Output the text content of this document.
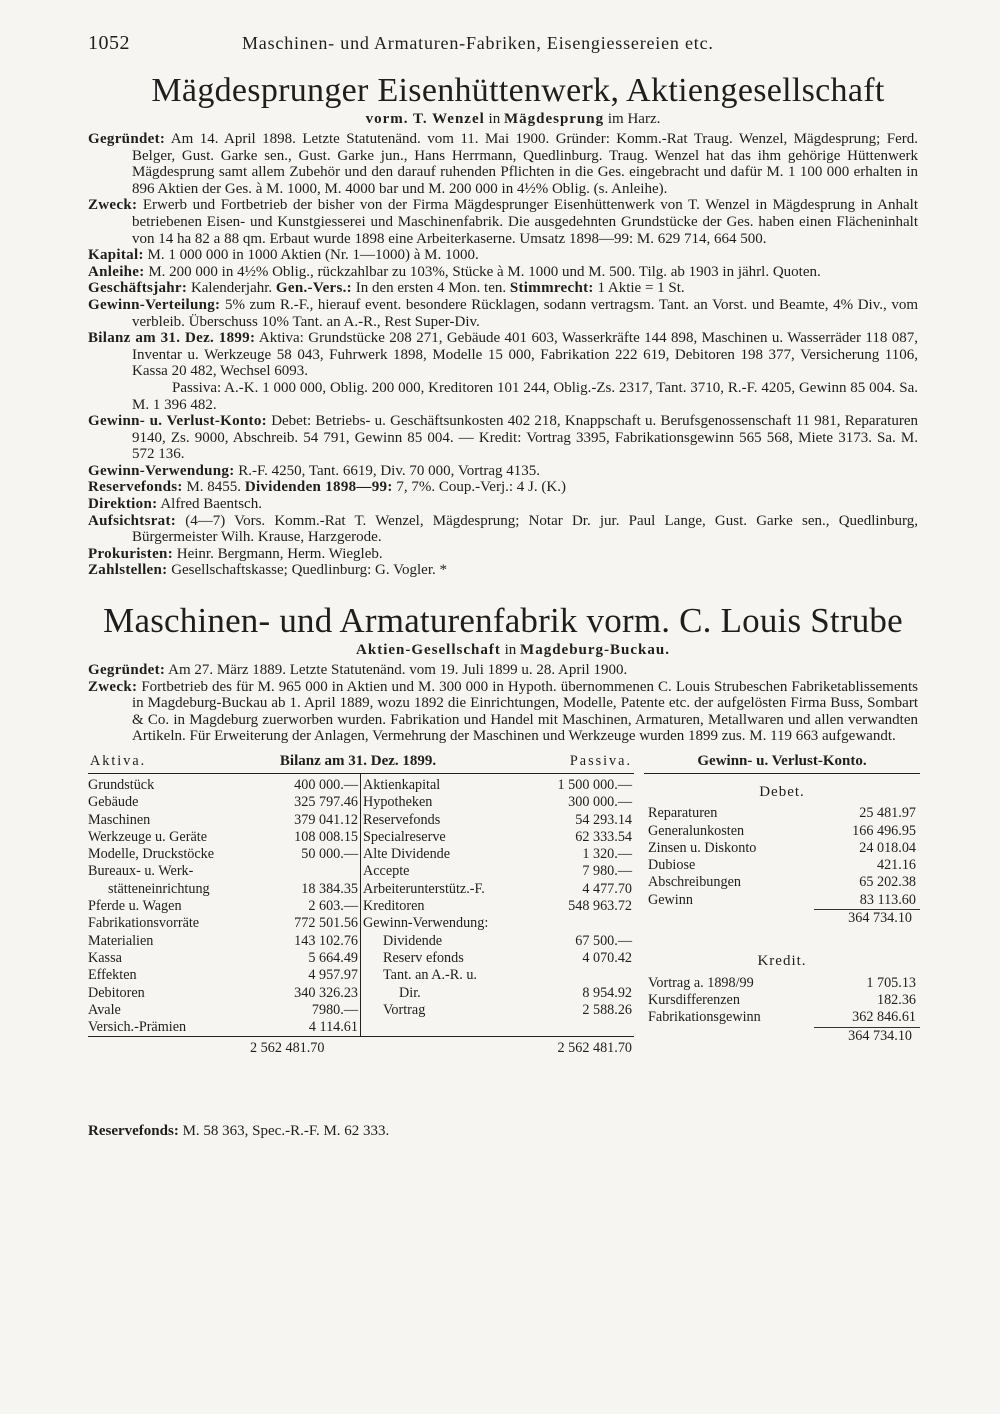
1052	Maschinen- und Armaturen-Fabriken, Eisengiessereien etc.
Mägdesprunger Eisenhüttenwerk, Aktiengesellschaft
vorm. T. Wenzel in Mägdesprung im Harz.

Gegründet: Am 14. April 1898. Letzte Statutenänd. vom 11. Mai 1900. Gründer: Komm.-Rat Traug. Wenzel, Mägdesprung; Ferd. Belger, Gust. Garke sen., Gust. Garke jun., Hans Herrmann, Quedlinburg. Traug. Wenzel hat das ihm gehörige Hüttenwerk Mägdesprung samt allem Zubehör und den darauf ruhenden Pflichten in die Ges. eingebracht und dafür M. 1 100 000 erhalten in 896 Aktien der Ges. à M. 1000, M. 4000 bar und M. 200 000 in 4½% Oblig. (s. Anleihe).

Zweck: Erwerb und Fortbetrieb der bisher von der Firma Mägdesprunger Eisenhüttenwerk von T. Wenzel in Mägdesprung in Anhalt betriebenen Eisen- und Kunstgiesserei und Maschinenfabrik. Die ausgedehnten Grundstücke der Ges. haben einen Flächeninhalt von 14 ha 82 a 88 qm. Erbaut wurde 1898 eine Arbeiterkaserne. Umsatz 1898—99: M. 629 714, 664 500.

Kapital: M. 1 000 000 in 1000 Aktien (Nr. 1—1000) à M. 1000.

Anleihe: M. 200 000 in 4½% Oblig., rückzahlbar zu 103%, Stücke à M. 1000 und M. 500. Tilg. ab 1903 in jährl. Quoten.

Geschäftsjahr: Kalenderjahr. Gen.-Vers.: In den ersten 4 Mon. ten. Stimmrecht: 1 Aktie = 1 St.

Gewinn-Verteilung: 5% zum R.-F., hierauf event. besondere Rücklagen, sodann vertragsm. Tant. an Vorst. und Beamte, 4% Div., vom verbleib. Überschuss 10% Tant. an A.-R., Rest Super-Div.

Bilanz am 31. Dez. 1899: Aktiva: Grundstücke 208 271, Gebäude 401 603, Wasserkräfte 144 898, Maschinen u. Wasserräder 118 087, Inventar u. Werkzeuge 58 043, Fuhrwerk 1898, Modelle 15 000, Fabrikation 222 619, Debitoren 198 377, Versicherung 1106, Kassa 20 482, Wechsel 6093.

Passiva: A.-K. 1 000 000, Oblig. 200 000, Kreditoren 101 244, Oblig.-Zs. 2317, Tant. 3710, R.-F. 4205, Gewinn 85 004. Sa. M. 1 396 482.

Gewinn- u. Verlust-Konto: Debet: Betriebs- u. Geschäftsunkosten 402 218, Knappschaft u. Berufsgenossenschaft 11 981, Reparaturen 9140, Zs. 9000, Abschreib. 54 791, Gewinn 85 004. — Kredit: Vortrag 3395, Fabrikationsgewinn 565 568, Miete 3173. Sa. M. 572 136.

Gewinn-Verwendung: R.-F. 4250, Tant. 6619, Div. 70 000, Vortrag 4135.

Reservefonds: M. 8455. Dividenden 1898—99: 7, 7%. Coup.-Verj.: 4 J. (K.)

Direktion: Alfred Baentsch.

Aufsichtsrat: (4—7) Vors. Komm.-Rat T. Wenzel, Mägdesprung; Notar Dr. jur. Paul Lange, Gust. Garke sen., Quedlinburg, Bürgermeister Wilh. Krause, Harzgerode.

Prokuristen: Heinr. Bergmann, Herm. Wiegleb.

Zahlstellen: Gesellschaftskasse; Quedlinburg: G. Vogler. *

Maschinen- und Armaturenfabrik vorm. C. Louis Strube
Aktien-Gesellschaft in Magdeburg-Buckau.

Gegründet: Am 27. März 1889. Letzte Statutenänd. vom 19. Juli 1899 u. 28. April 1900.

Zweck: Fortbetrieb des für M. 965 000 in Aktien und M. 300 000 in Hypoth. übernommenen C. Louis Strubeschen Fabriketablissements in Magdeburg-Buckau ab 1. April 1889, wozu 1892 die Einrichtungen, Modelle, Patente etc. der aufgelösten Firma Buss, Sombart & Co. in Magdeburg zuerworben wurden. Fabrikation und Handel mit Maschinen, Armaturen, Metallwaren und allen verwandten Artikeln. Für Erweiterung der Anlagen, Vermehrung der Maschinen und Werkzeuge wurden 1899 zus. M. 119 663 aufgewandt.

Aktiva.	Bilanz am 31. Dez. 1899.	Passiva.
Grundstück	400 000.—
Gebäude	325 797.46
Maschinen	379 041.12
Werkzeuge u. Geräte	108 008.15
Modelle, Druckstöcke	50 000.—
Bureaux- u. Werk-
stätteneinrichtung	18 384.35
Pferde u. Wagen	2 603.—
Fabrikationsvorräte	772 501.56
Materialien	143 102.76
Kassa	5 664.49
Effekten	4 957.97
Debitoren	340 326.23
Avale	7980.—
Versich.-Prämien	4 114.61
Aktienkapital	1 500 000.—
Hypotheken	300 000.—
Reservefonds	54 293.14
Specialreserve	62 333.54
Alte Dividende	1 320.—
Accepte	7 980.—
Arbeiterunterstütz.-F.	4 477.70
Kreditoren	548 963.72
Gewinn-Verwendung:
Dividende	67 500.—
Reserv efonds	4 070.42
Tant. an A.-R. u.
Dir.	8 954.92
Vortrag	2 588.26
2 562 481.70	2 562 481.70
Gewinn- u. Verlust-Konto.
Debet.
Reparaturen	25 481.97
Generalunkosten	166 496.95
Zinsen u. Diskonto	24 018.04
Dubiose	421.16
Abschreibungen	65 202.38
Gewinn	83 113.60
364 734.10
Kredit.
Vortrag a. 1898/99	1 705.13
Kursdifferenzen	182.36
Fabrikationsgewinn	362 846.61
364 734.10
Reservefonds: M. 58 363, Spec.-R.-F. M. 62 333.
